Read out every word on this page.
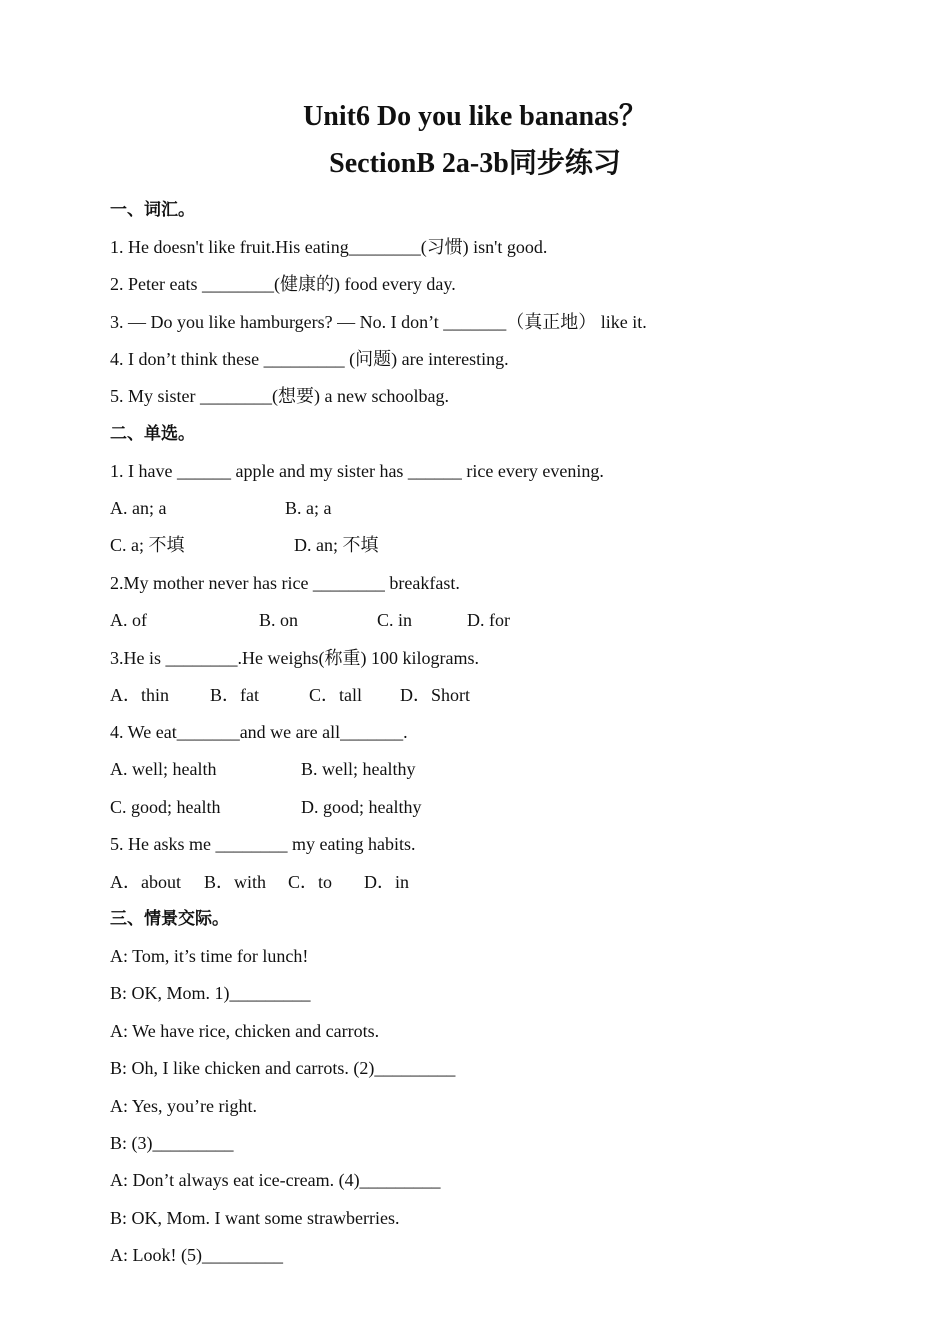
Unit6 Do you like bananas？
SectionB 2a-3b同步练习
一、词汇。
1. He doesn't like fruit.His eating________(习惯) isn't good.
2. Peter eats ________(健康的) food every day.
3. — Do you like hamburgers? — No. I don’t _______（真正地） like it.
4. I don’t think these _________ (问题) are interesting.
5. My sister ________(想要) a new schoolbag.
二、单选。
1. I have ______ apple and my sister has ______ rice every evening.
A. an; a	B. a; a
C. a; 不填	D. an; 不填
2.My mother never has rice ________ breakfast.
A. of	B. on	C. in	D. for
3.He is ________.He weighs(称重) 100 kilograms.
A．thin B．fat	C．tall D．Short
4. We eat_______and we are all_______.
A. well; health	B. well; healthy
C. good; health	D. good; healthy
5. He asks me ________ my eating habits.
A．about B．with C．to D．in
三、情景交际。
A: Tom, it’s time for lunch!
B: OK, Mom. 1)_________
A: We have rice, chicken and carrots.
B: Oh, I like chicken and carrots. (2)_________
A: Yes, you’re right.
B: (3)_________
A: Don’t always eat ice-cream. (4)_________
B: OK, Mom. I want some strawberries.
A: Look! (5)_________
